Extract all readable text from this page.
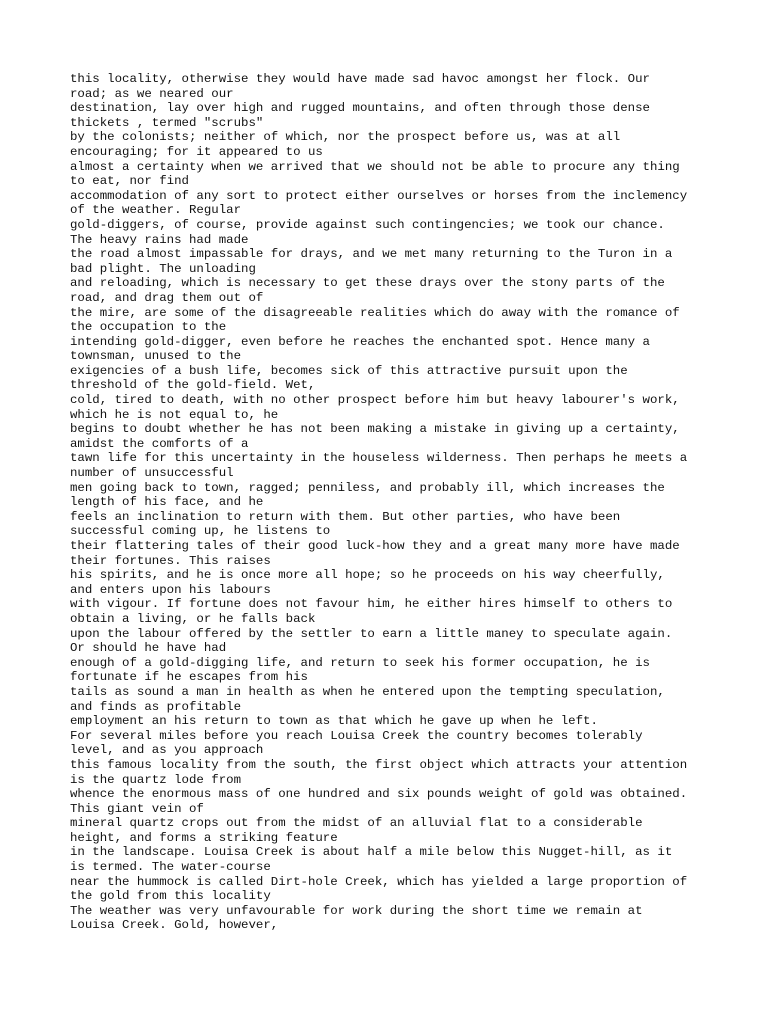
this locality, otherwise they would have made sad havoc amongst her flock. Our
road; as we neared our
destination, lay over high and rugged mountains, and often through those dense
thickets , termed "scrubs"
by the colonists; neither of which, nor the prospect before us, was at all
encouraging; for it appeared to us
almost a certainty when we arrived that we should not be able to procure any thing
to eat, nor find
accommodation of any sort to protect either ourselves or horses from the inclemency
of the weather. Regular
gold-diggers, of course, provide against such contingencies; we took our chance.
The heavy rains had made
the road almost impassable for drays, and we met many returning to the Turon in a
bad plight. The unloading
and reloading, which is necessary to get these drays over the stony parts of the
road, and drag them out of
the mire, are some of the disagreeable realities which do away with the romance of
the occupation to the
intending gold-digger, even before he reaches the enchanted spot. Hence many a
townsman, unused to the
exigencies of a bush life, becomes sick of this attractive pursuit upon the
threshold of the gold-field. Wet,
cold, tired to death, with no other prospect before him but heavy labourer's work,
which he is not equal to, he
begins to doubt whether he has not been making a mistake in giving up a certainty,
amidst the comforts of a
tawn life for this uncertainty in the houseless wilderness. Then perhaps he meets a
number of unsuccessful
men going back to town, ragged; penniless, and probably ill, which increases the
length of his face, and he
feels an inclination to return with them. But other parties, who have been
successful coming up, he listens to
their flattering tales of their good luck-how they and a great many more have made
their fortunes. This raises
his spirits, and he is once more all hope; so he proceeds on his way cheerfully,
and enters upon his labours
with vigour. If fortune does not favour him, he either hires himself to others to
obtain a living, or he falls back
upon the labour offered by the settler to earn a little maney to speculate again.
Or should he have had
enough of a gold-digging life, and return to seek his former occupation, he is
fortunate if he escapes from his
tails as sound a man in health as when he entered upon the tempting speculation,
and finds as profitable
employment an his return to town as that which he gave up when he left.
For several miles before you reach Louisa Creek the country becomes tolerably
level, and as you approach
this famous locality from the south, the first object which attracts your attention
is the quartz lode from
whence the enormous mass of one hundred and six pounds weight of gold was obtained.
This giant vein of
mineral quartz crops out from the midst of an alluvial flat to a considerable
height, and forms a striking feature
in the landscape. Louisa Creek is about half a mile below this Nugget-hill, as it
is termed. The water-course
near the hummock is called Dirt-hole Creek, which has yielded a large proportion of
the gold from this locality
The weather was very unfavourable for work during the short time we remain at
Louisa Creek. Gold, however,
